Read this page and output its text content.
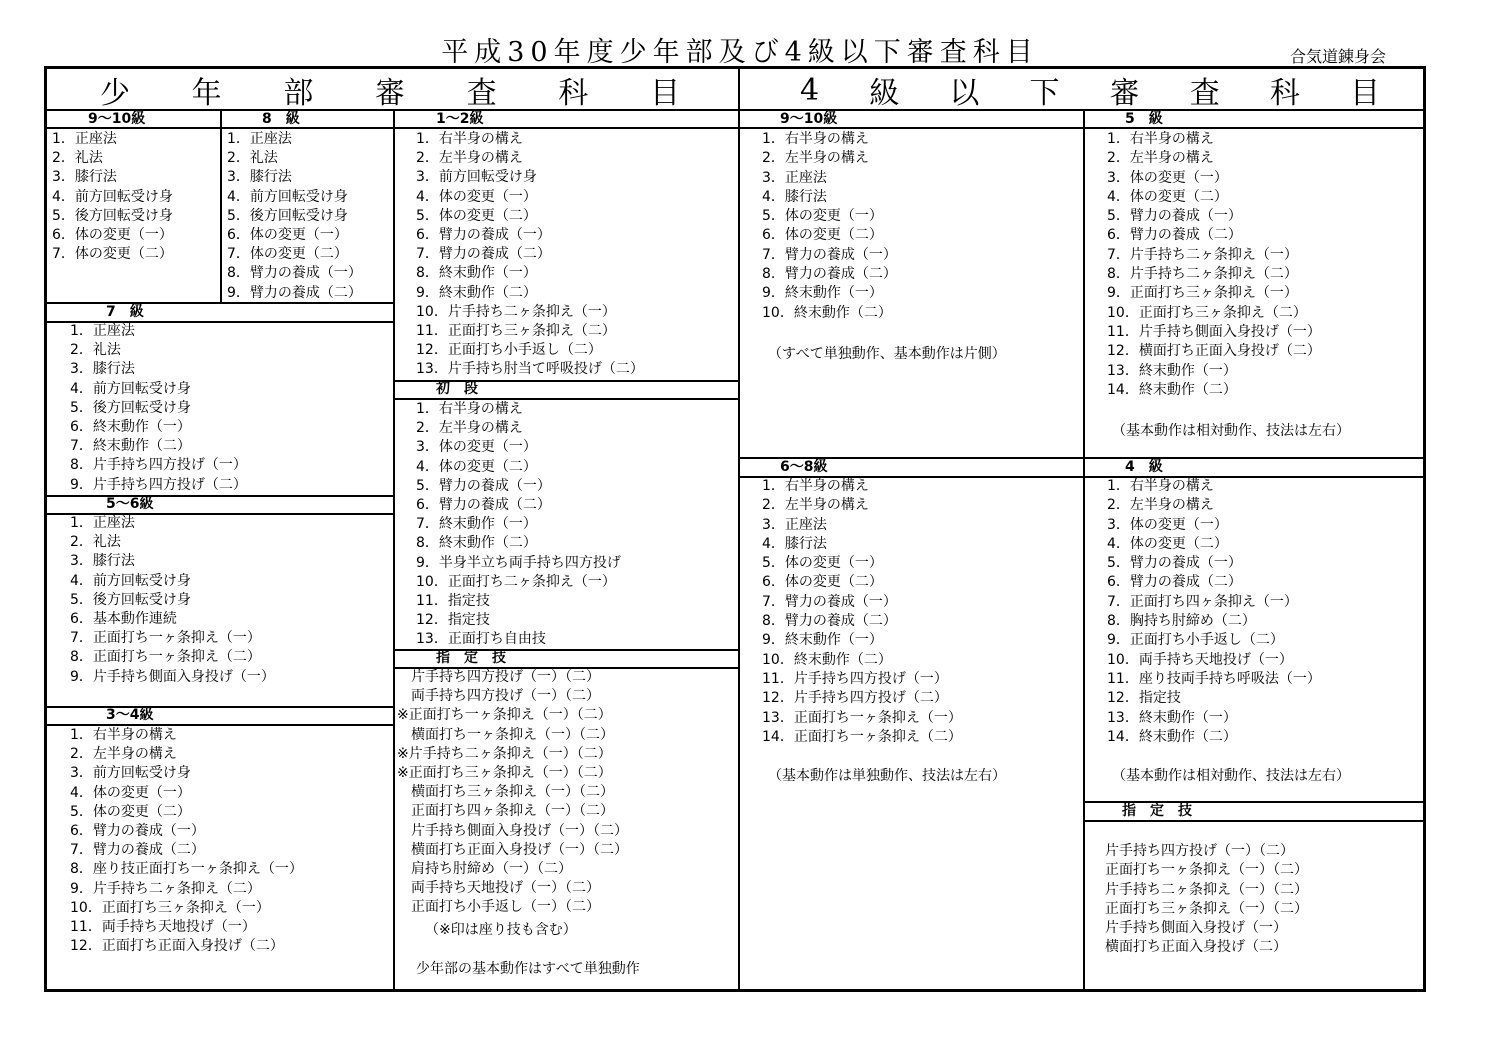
平成30年度少年部及び4級以下審査科目	合気道錬身会
少 年 部 審 査 科 目	4 級 以 下 審 査 科 目
9～10級
1．正座法
2．礼法
3．膝行法
4．前方回転受け身
5．後方回転受け身
6．体の変更（一）
7．体の変更（二）
8　級
1．正座法
2．礼法
3．膝行法
4．前方回転受け身
5．後方回転受け身
6．体の変更（一）
7．体の変更（二）
8．臂力の養成（一）
9．臂力の養成（二）
7　級
1．正座法
2．礼法
3．膝行法
4．前方回転受け身
5．後方回転受け身
6．終末動作（一）
7．終末動作（二）
8．片手持ち四方投げ（一）
9．片手持ち四方投げ（二）
5～6級
1．正座法
2．礼法
3．膝行法
4．前方回転受け身
5．後方回転受け身
6．基本動作連続
7．正面打ち一ヶ条抑え（一）
8．正面打ち一ヶ条抑え（二）
9．片手持ち側面入身投げ（一）
3～4級
1．右半身の構え
2．左半身の構え
3．前方回転受け身
4．体の変更（一）
5．体の変更（二）
6．臂力の養成（一）
7．臂力の養成（二）
8．座り技正面打ち一ヶ条抑え（一）
9．片手持ち二ヶ条抑え（二）
10．正面打ち三ヶ条抑え（一）
11．両手持ち天地投げ（一）
12．正面打ち正面入身投げ（二）
1～2級
1．右半身の構え
2．左半身の構え
3．前方回転受け身
4．体の変更（一）
5．体の変更（二）
6．臂力の養成（一）
7．臂力の養成（二）
8．終末動作（一）
9．終末動作（二）
10．片手持ち二ヶ条抑え（一）
11．正面打ち三ヶ条抑え（二）
12．正面打ち小手返し（二）
13．片手持ち肘当て呼吸投げ（二）
初　段
1．右半身の構え
2．左半身の構え
3．体の変更（一）
4．体の変更（二）
5．臂力の養成（一）
6．臂力の養成（二）
7．終末動作（一）
8．終末動作（二）
9．半身半立ち両手持ち四方投げ
10．正面打ち二ヶ条抑え（一）
11．指定技
12．指定技
13．正面打ち自由技
指　定　技
　片手持ち四方投げ（一）（二）
　両手持ち四方投げ（一）（二）
※正面打ち一ヶ条抑え（一）（二）
　横面打ち一ヶ条抑え（一）（二）
※片手持ち二ヶ条抑え（一）（二）
※正面打ち三ヶ条抑え（一）（二）
　横面打ち三ヶ条抑え（一）（二）
　正面打ち四ヶ条抑え（一）（二）
　片手持ち側面入身投げ（一）（二）
　横面打ち正面入身投げ（一）（二）
　肩持ち肘締め（一）（二）
　両手持ち天地投げ（一）（二）
　正面打ち小手返し（一）（二）
（※印は座り技も含む）
少年部の基本動作はすべて単独動作
9～10級
1．右半身の構え
2．左半身の構え
3．正座法
4．膝行法
5．体の変更（一）
6．体の変更（二）
7．臂力の養成（一）
8．臂力の養成（二）
9．終末動作（一）
10．終末動作（二）
（すべて単独動作、基本動作は片側）
5　級
1．右半身の構え
2．左半身の構え
3．体の変更（一）
4．体の変更（二）
5．臂力の養成（一）
6．臂力の養成（二）
7．片手持ち二ヶ条抑え（一）
8．片手持ち二ヶ条抑え（二）
9．正面打ち三ヶ条抑え（一）
10．正面打ち三ヶ条抑え（二）
11．片手持ち側面入身投げ（一）
12．横面打ち正面入身投げ（二）
13．終末動作（一）
14．終末動作（二）
（基本動作は相対動作、技法は左右）
6～8級
1．右半身の構え
2．左半身の構え
3．正座法
4．膝行法
5．体の変更（一）
6．体の変更（二）
7．臂力の養成（一）
8．臂力の養成（二）
9．終末動作（一）
10．終末動作（二）
11．片手持ち四方投げ（一）
12．片手持ち四方投げ（二）
13．正面打ち一ヶ条抑え（一）
14．正面打ち一ヶ条抑え（二）
（基本動作は単独動作、技法は左右）
4　級
1．右半身の構え
2．左半身の構え
3．体の変更（一）
4．体の変更（二）
5．臂力の養成（一）
6．臂力の養成（二）
7．正面打ち四ヶ条抑え（一）
8．胸持ち肘締め（二）
9．正面打ち小手返し（二）
10．両手持ち天地投げ（一）
11．座り技両手持ち呼吸法（一）
12．指定技
13．終末動作（一）
14．終末動作（二）
（基本動作は相対動作、技法は左右）
指　定　技
片手持ち四方投げ（一）（二）
正面打ち一ヶ条抑え（一）（二）
片手持ち二ヶ条抑え（一）（二）
正面打ち三ヶ条抑え（一）（二）
片手持ち側面入身投げ（一）
横面打ち正面入身投げ（二）
